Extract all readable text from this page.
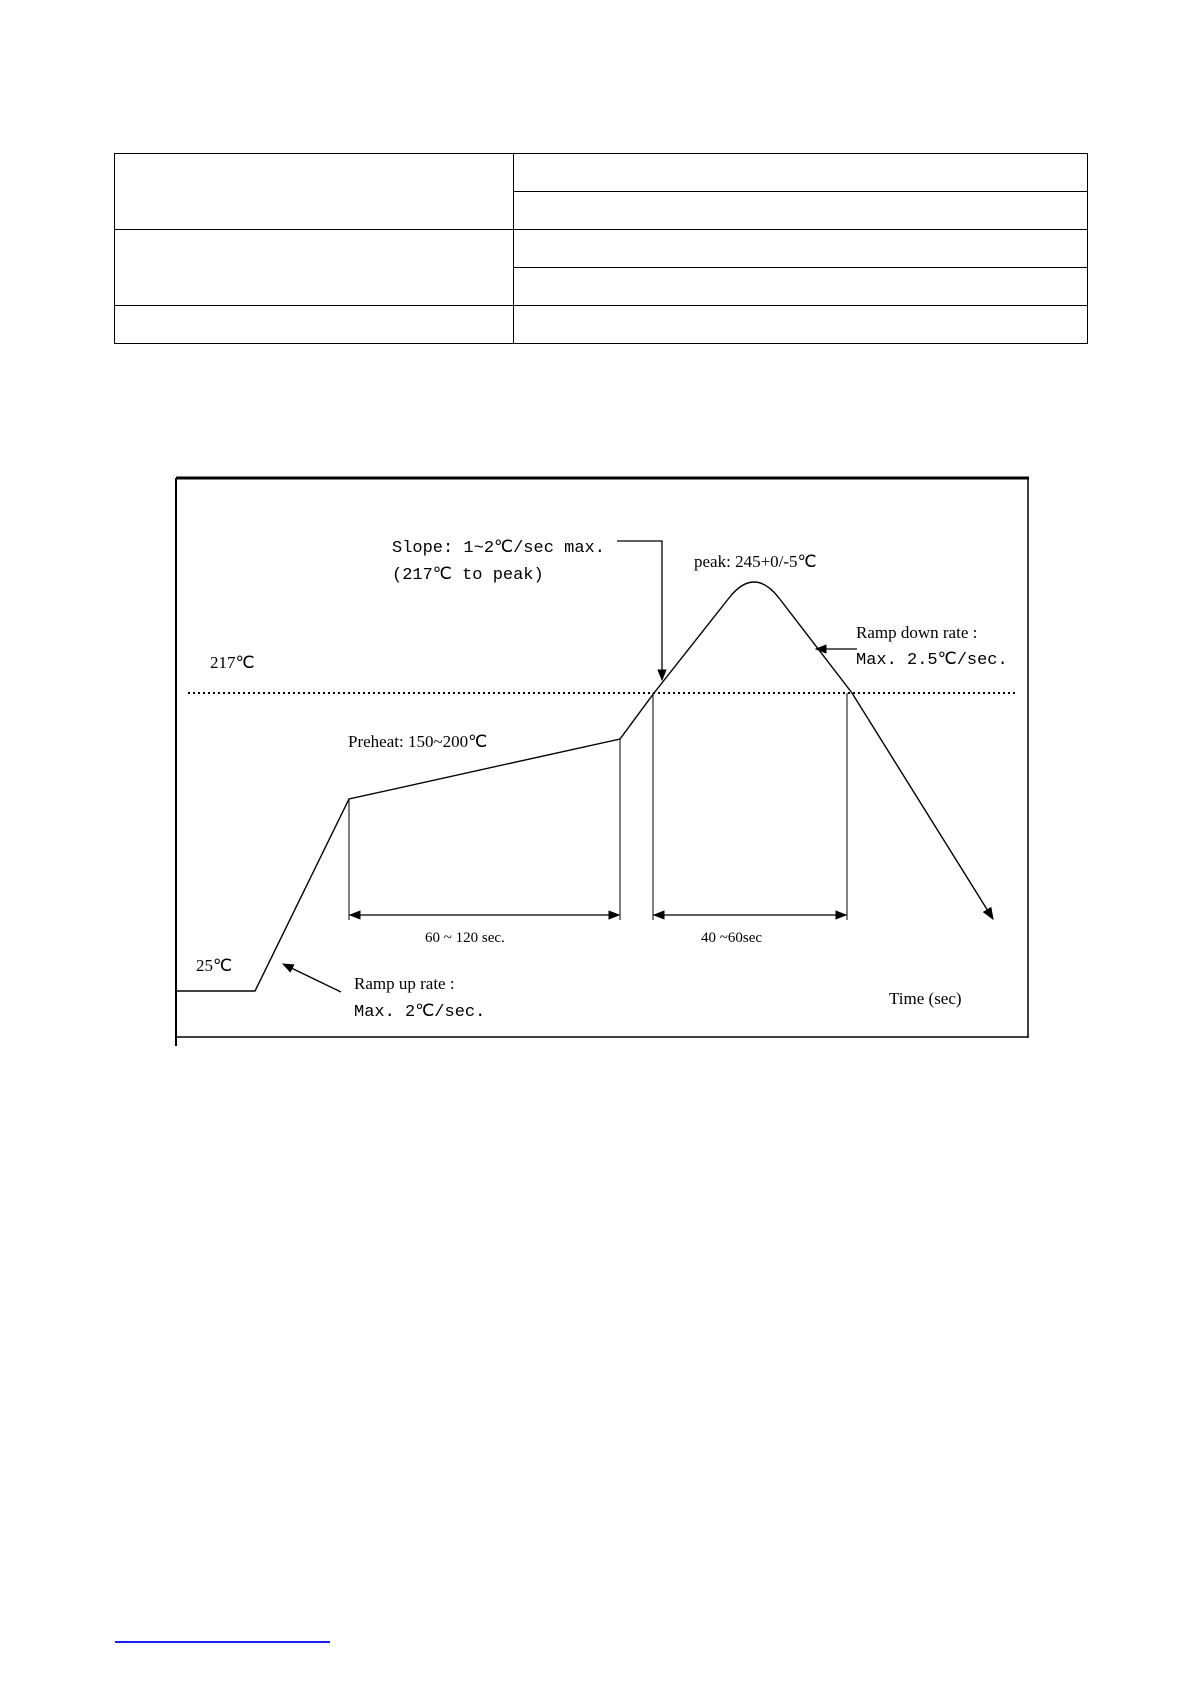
217℃
25℃
Slope: 1~2℃/sec max.
(217℃ to peak)
peak: 245+0/-5℃
Ramp down rate :
Max. 2.5℃/sec.
Preheat: 150~200℃
60 ~ 120 sec.	40 ~60sec
Ramp up rate :
Max. 2℃/sec.
Time (sec)
